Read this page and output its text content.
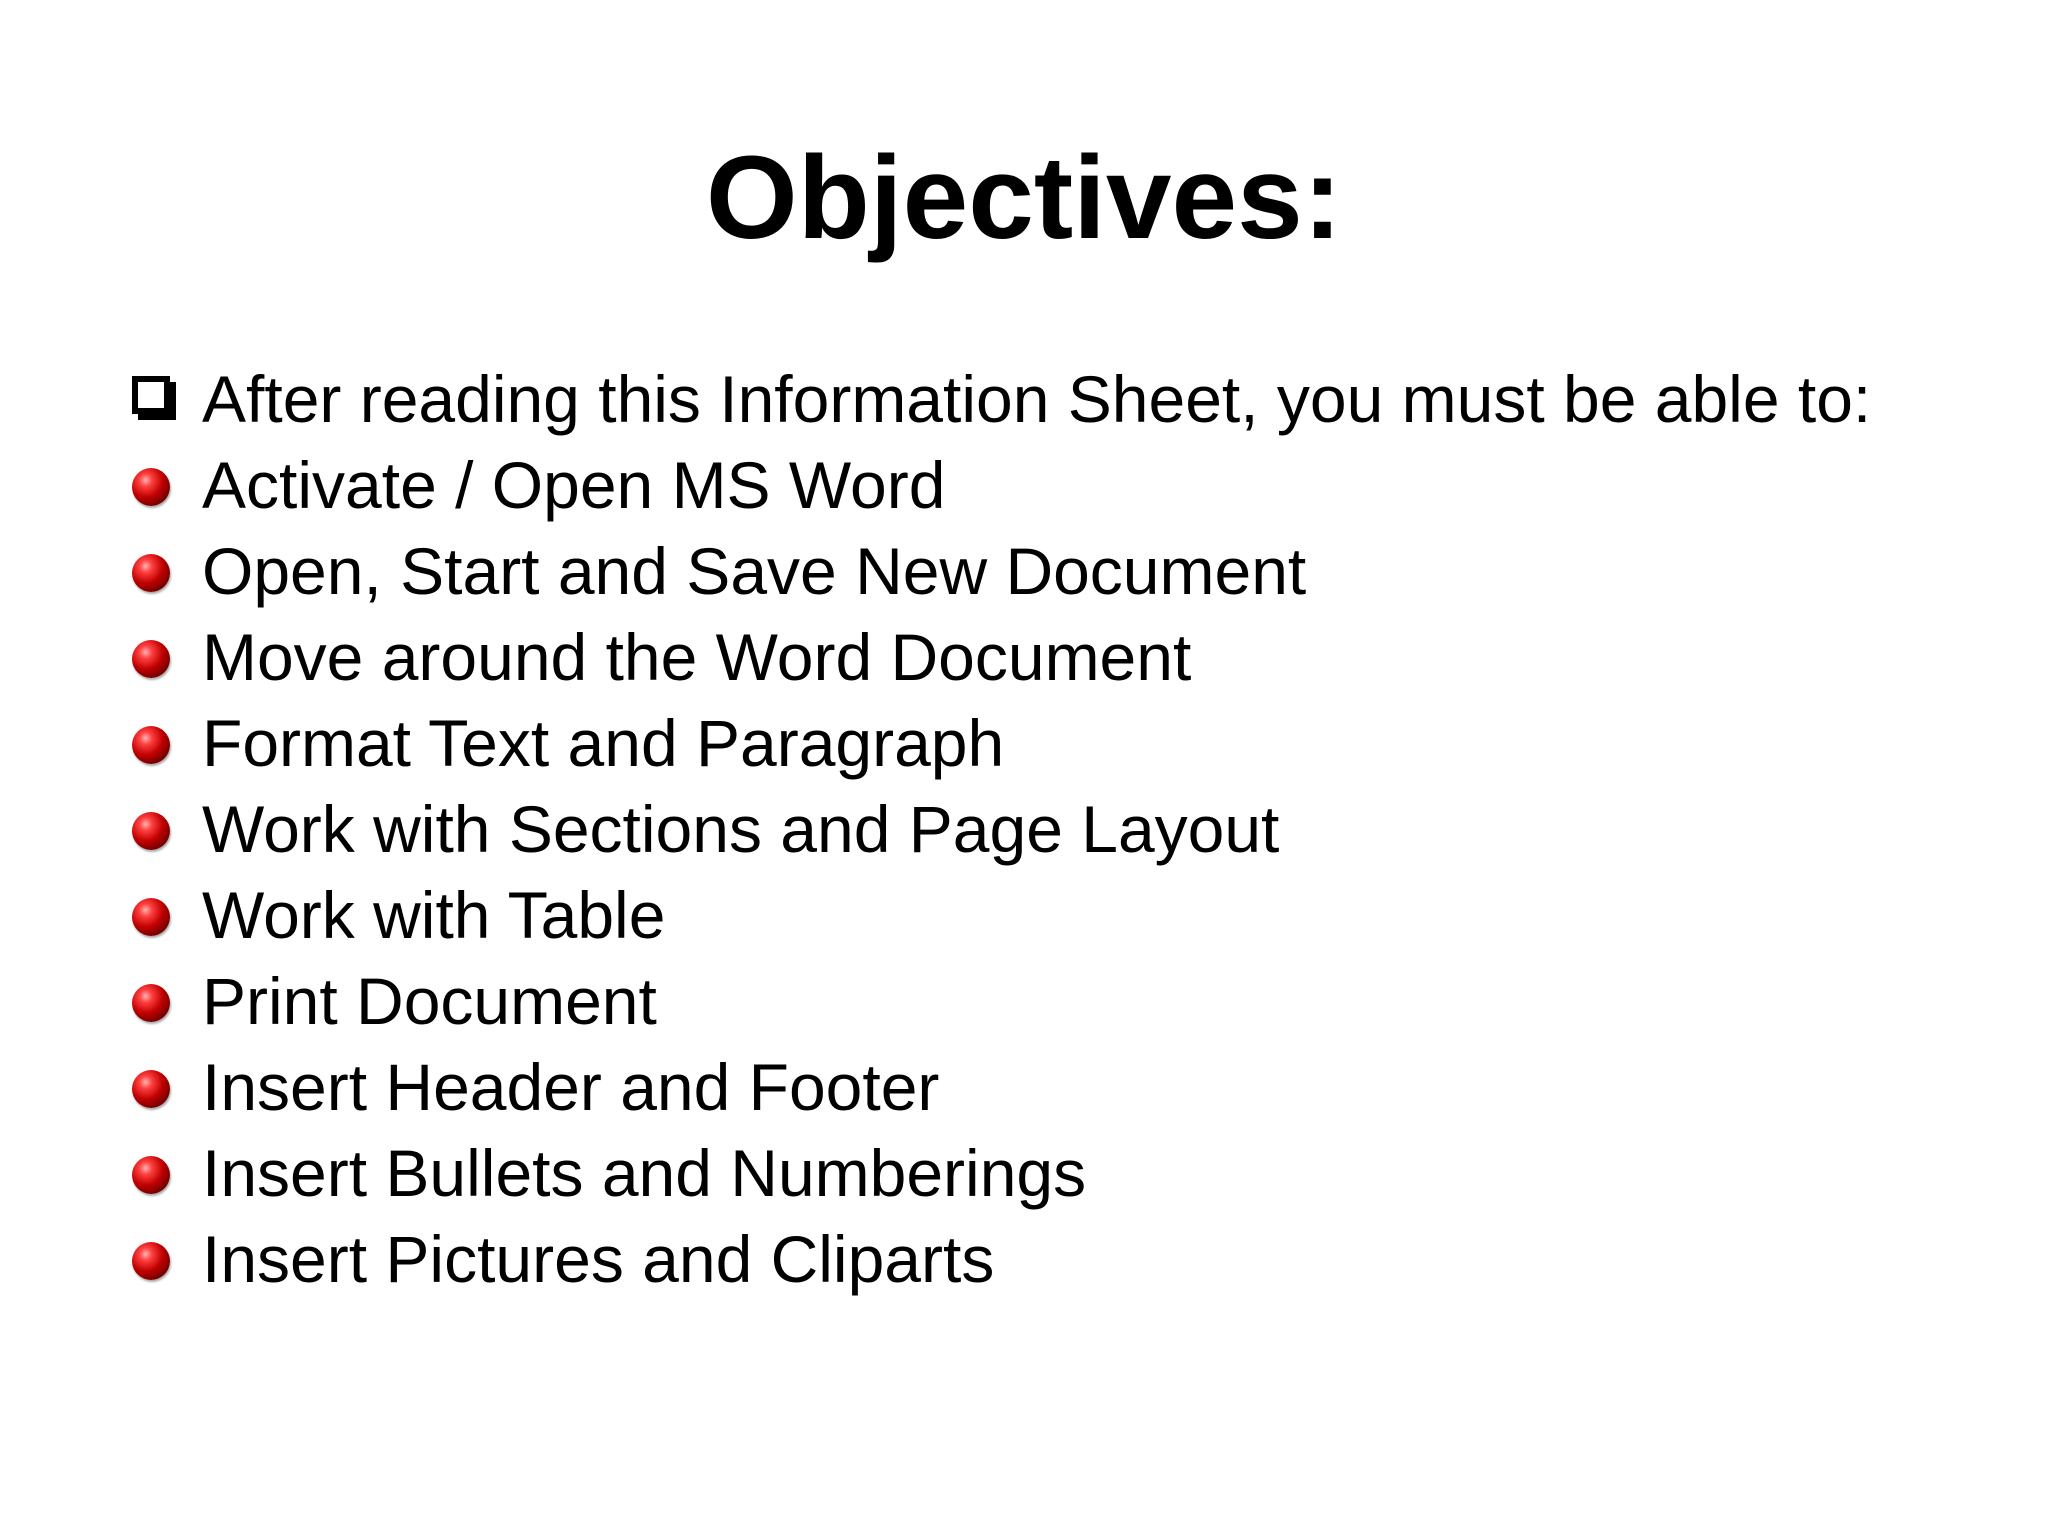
Objectives:
After reading this Information Sheet, you must be able to:
Activate / Open MS Word
Open, Start and Save New Document
Move around the Word Document
Format Text and Paragraph
Work with Sections and Page Layout
Work with Table
Print Document
Insert Header and Footer
Insert Bullets and Numberings
Insert Pictures and Cliparts
